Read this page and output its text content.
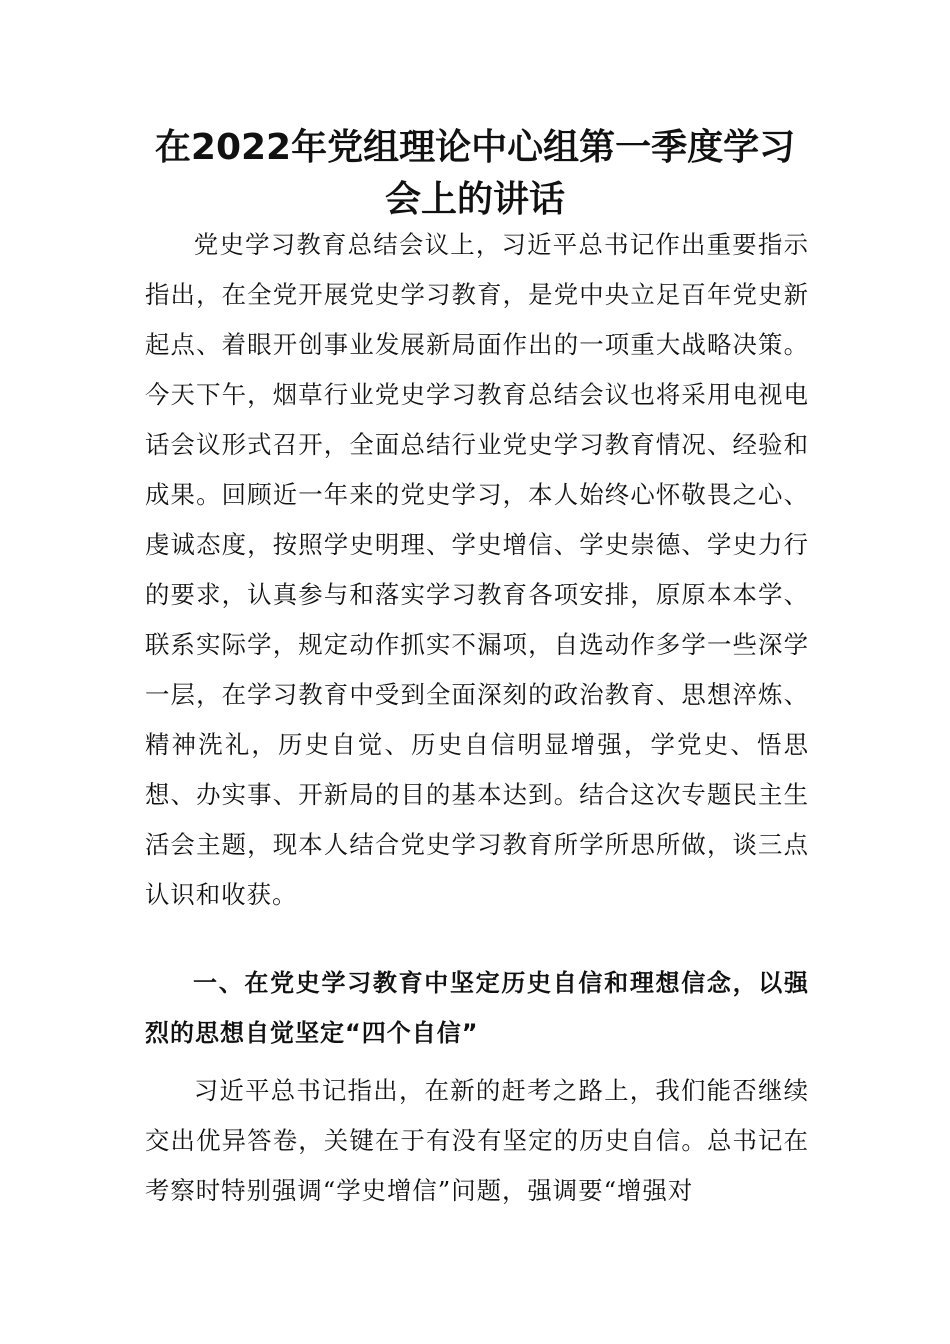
在2022年党组理论中心组第一季度学习会上的讲话

党史学习教育总结会议上，习近平总书记作出重要指示指出，在全党开展党史学习教育，是党中央立足百年党史新起点、着眼开创事业发展新局面作出的一项重大战略决策。今天下午，烟草行业党史学习教育总结会议也将采用电视电话会议形式召开，全面总结行业党史学习教育情况、经验和成果。回顾近一年来的党史学习，本人始终心怀敬畏之心、虔诚态度，按照学史明理、学史增信、学史崇德、学史力行的要求，认真参与和落实学习教育各项安排，原原本本学、联系实际学，规定动作抓实不漏项，自选动作多学一些深学一层，在学习教育中受到全面深刻的政治教育、思想淬炼、精神洗礼，历史自觉、历史自信明显增强，学党史、悟思想、办实事、开新局的目的基本达到。结合这次专题民主生活会主题，现本人结合党史学习教育所学所思所做，谈三点认识和收获。

一、在党史学习教育中坚定历史自信和理想信念，以强烈的思想自觉坚定“四个自信”

习近平总书记指出，在新的赶考之路上，我们能否继续交出优异答卷，关键在于有没有坚定的历史自信。总书记在考察时特别强调“学史增信”问题，强调要“增强对
